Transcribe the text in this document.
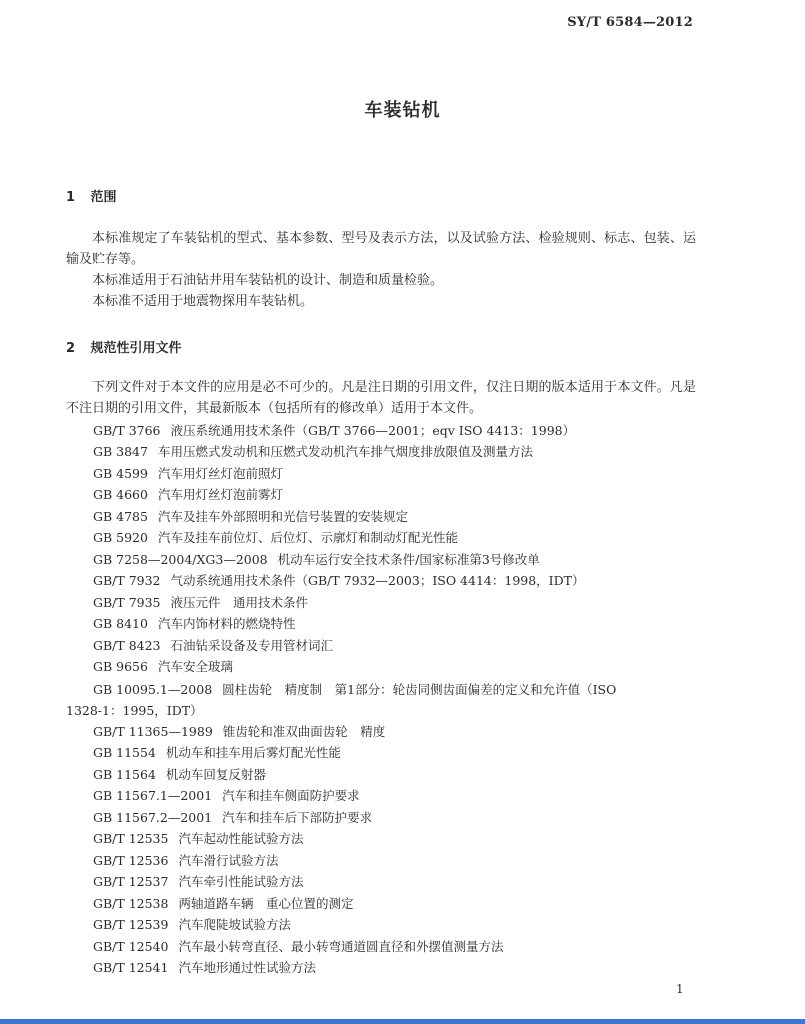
SY/T 6584—2012
车装钻机
1 范围
本标准规定了车装钻机的型式、基本参数、型号及表示方法，以及试验方法、检验规则、标志、包装、运输及贮存等。
本标准适用于石油钻井用车装钻机的设计、制造和质量检验。
本标准不适用于地震物探用车装钻机。
2 规范性引用文件
下列文件对于本文件的应用是必不可少的。凡是注日期的引用文件，仅注日期的版本适用于本文件。凡是不注日期的引用文件，其最新版本（包括所有的修改单）适用于本文件。
GB/T 3766 液压系统通用技术条件（GB/T 3766—2001；eqv ISO 4413：1998）
GB 3847 车用压燃式发动机和压燃式发动机汽车排气烟度排放限值及测量方法
GB 4599 汽车用灯丝灯泡前照灯
GB 4660 汽车用灯丝灯泡前雾灯
GB 4785 汽车及挂车外部照明和光信号装置的安装规定
GB 5920 汽车及挂车前位灯、后位灯、示廓灯和制动灯配光性能
GB 7258—2004/XG3—2008 机动车运行安全技术条件/国家标准第3号修改单
GB/T 7932 气动系统通用技术条件（GB/T 7932—2003；ISO 4414：1998，IDT）
GB/T 7935 液压元件　通用技术条件
GB 8410 汽车内饰材料的燃烧特性
GB/T 8423 石油钻采设备及专用管材词汇
GB 9656 汽车安全玻璃
GB 10095.1—2008 圆柱齿轮　精度制　第1部分：轮齿同侧齿面偏差的定义和允许值（ISO
1328-1：1995，IDT）
GB/T 11365—1989 锥齿轮和准双曲面齿轮　精度
GB 11554 机动车和挂车用后雾灯配光性能
GB 11564 机动车回复反射器
GB 11567.1—2001 汽车和挂车侧面防护要求
GB 11567.2—2001 汽车和挂车后下部防护要求
GB/T 12535 汽车起动性能试验方法
GB/T 12536 汽车滑行试验方法
GB/T 12537 汽车牵引性能试验方法
GB/T 12538 两轴道路车辆　重心位置的测定
GB/T 12539 汽车爬陡坡试验方法
GB/T 12540 汽车最小转弯直径、最小转弯通道圆直径和外摆值测量方法
GB/T 12541 汽车地形通过性试验方法
1
